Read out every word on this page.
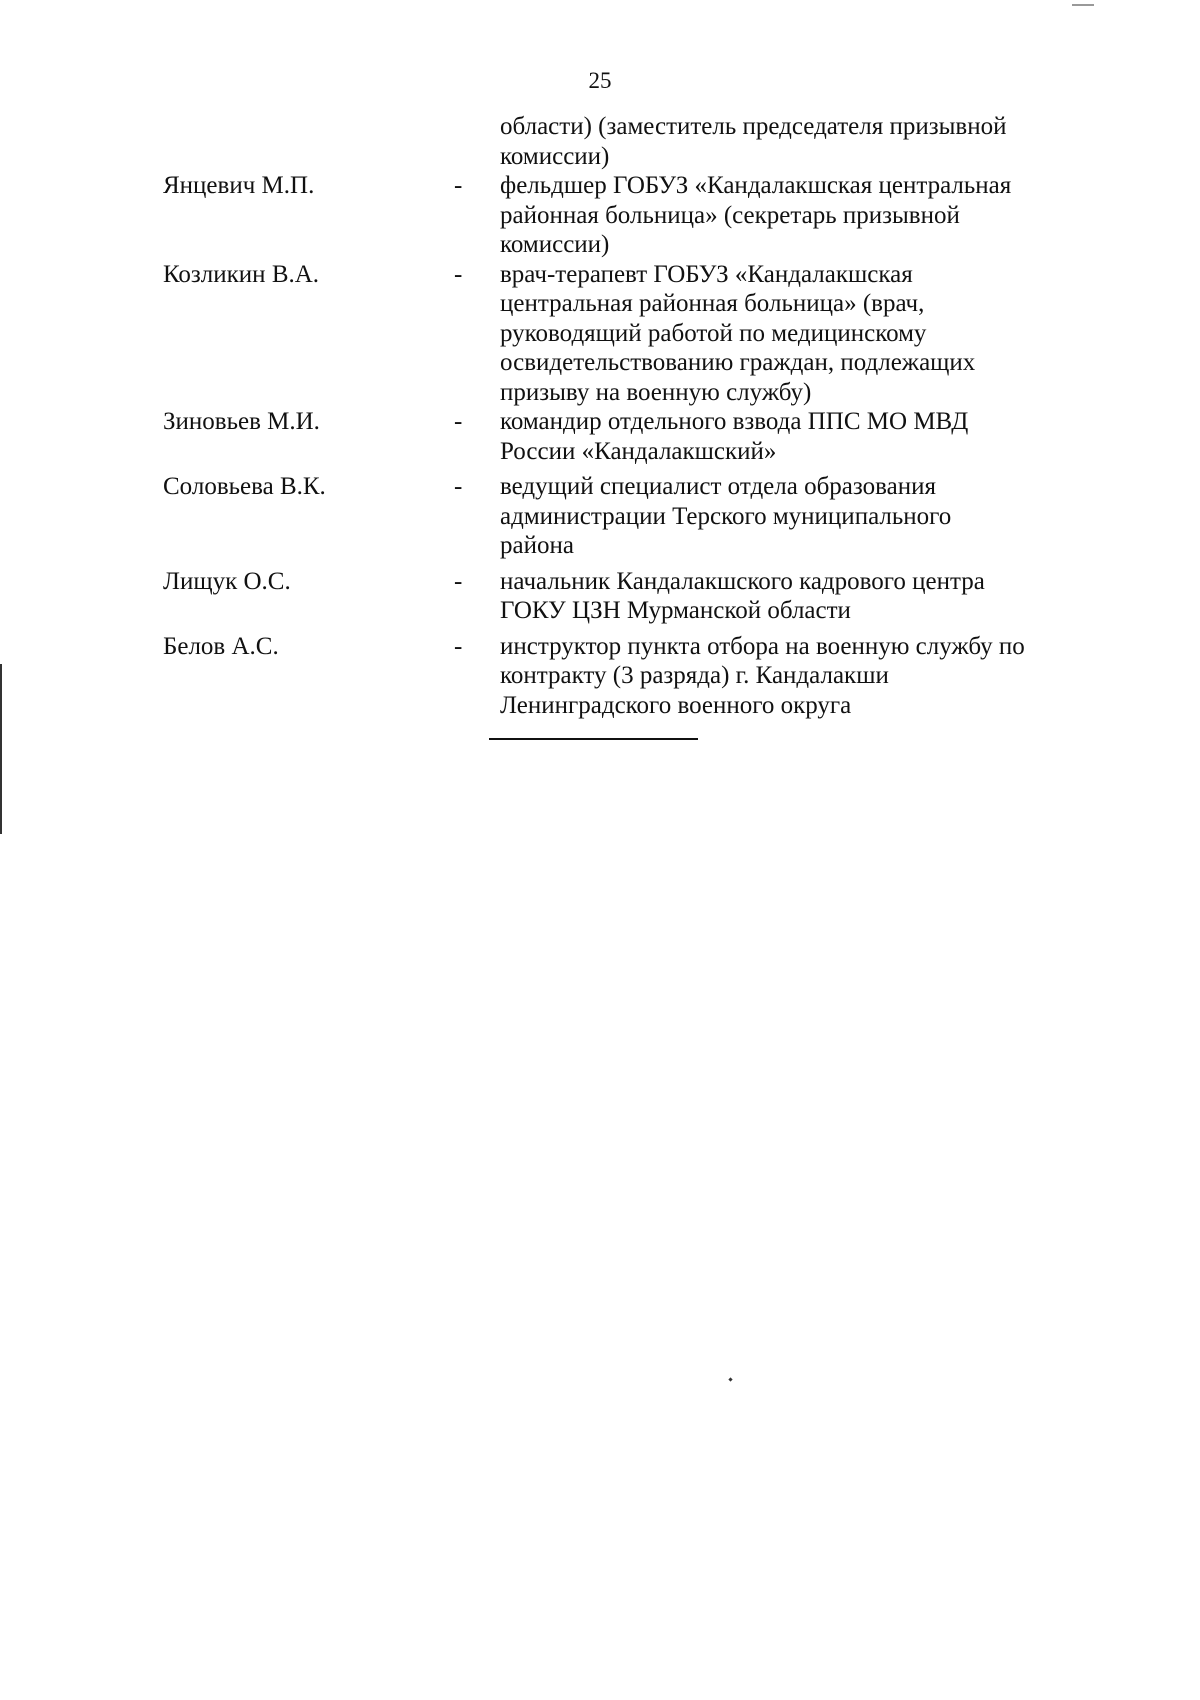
25
области) (заместитель председателя призывной комиссии)
Янцевич М.П.	- фельдшер ГОБУЗ «Кандалакшская центральная районная больница» (секретарь призывной комиссии)
Козликин В.А.	- врач-терапевт ГОБУЗ «Кандалакшская центральная районная больница» (врач, руководящий работой по медицинскому освидетельствованию граждан, подлежащих призыву на военную службу)
Зиновьев М.И.	- командир отдельного взвода ППС МО МВД России «Кандалакшский»
Соловьева В.К.	- ведущий специалист отдела образования администрации Терского муниципального района
Лищук О.С.	- начальник Кандалакшского кадрового центра ГОКУ ЦЗН Мурманской области
Белов А.С.	- инструктор пункта отбора на военную службу по контракту (3 разряда) г. Кандалакши Ленинградского военного округа
